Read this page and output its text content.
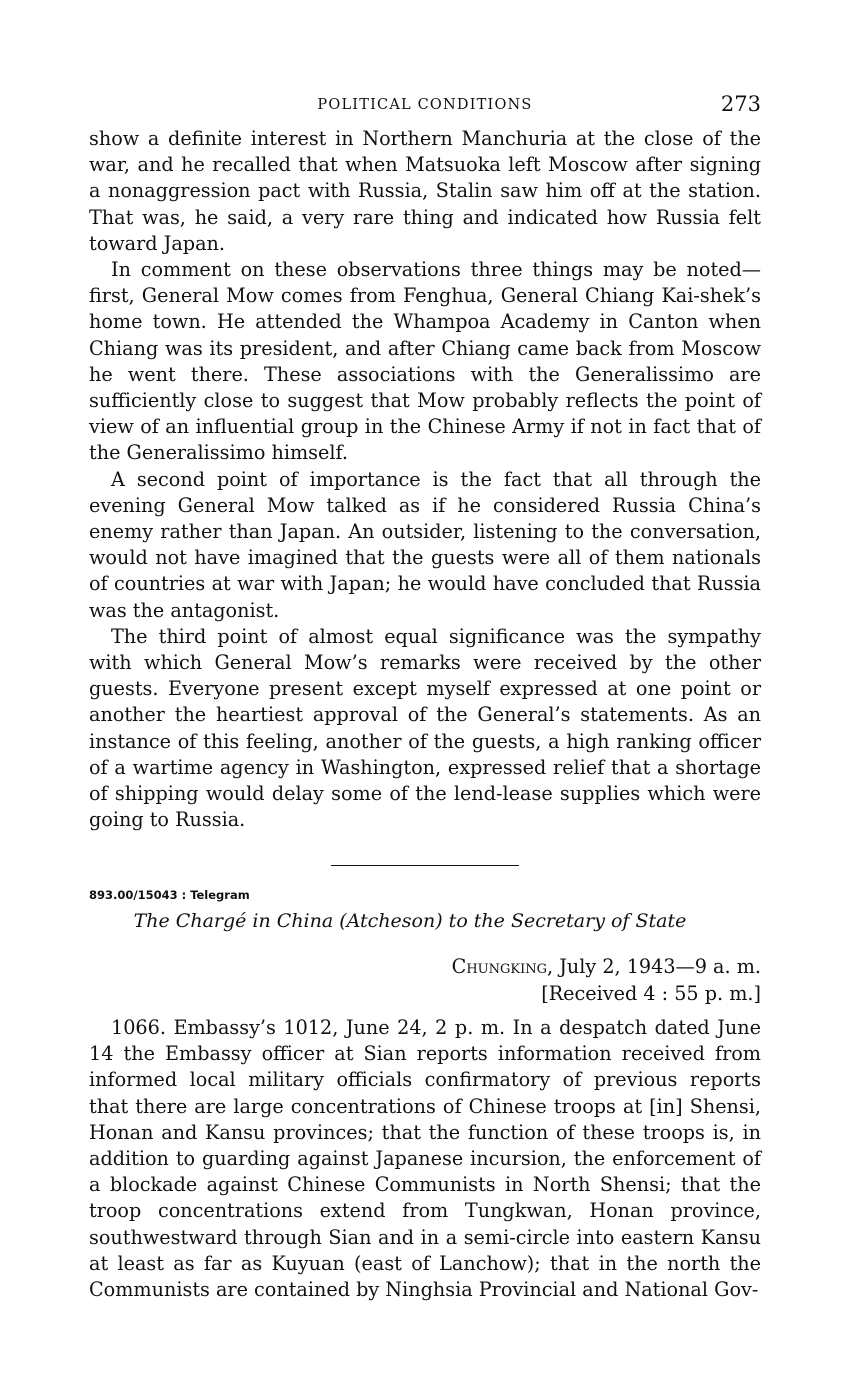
POLITICAL CONDITIONS	273

show a definite interest in Northern Manchuria at the close of the war, and he recalled that when Matsuoka left Moscow after signing a nonaggression pact with Russia, Stalin saw him off at the station. That was, he said, a very rare thing and indicated how Russia felt toward Japan.

In comment on these observations three things may be noted—first, General Mow comes from Fenghua, General Chiang Kai-shek’s home town. He attended the Whampoa Academy in Canton when Chiang was its president, and after Chiang came back from Moscow he went there. These associations with the Generalissimo are sufficiently close to suggest that Mow probably reflects the point of view of an influential group in the Chinese Army if not in fact that of the Generalissimo himself.

A second point of importance is the fact that all through the evening General Mow talked as if he considered Russia China’s enemy rather than Japan. An outsider, listening to the conversation, would not have imagined that the guests were all of them nationals of countries at war with Japan; he would have concluded that Russia was the antagonist.

The third point of almost equal significance was the sympathy with which General Mow’s remarks were received by the other guests. Everyone present except myself expressed at one point or another the heartiest approval of the General’s statements. As an instance of this feeling, another of the guests, a high ranking officer of a wartime agency in Washington, expressed relief that a shortage of shipping would delay some of the lend-lease supplies which were going to Russia.

893.00/15043 : Telegram
The Chargé in China (Atcheson) to the Secretary of State
Chungking, July 2, 1943—9 a. m.
[Received 4 : 55 p. m.]

1066. Embassy’s 1012, June 24, 2 p. m. In a despatch dated June 14 the Embassy officer at Sian reports information received from informed local military officials confirmatory of previous reports that there are large concentrations of Chinese troops at [in] Shensi, Honan and Kansu provinces; that the function of these troops is, in addition to guarding against Japanese incursion, the enforcement of a blockade against Chinese Communists in North Shensi; that the troop concentrations extend from Tungkwan, Honan province, southwestward through Sian and in a semi-circle into eastern Kansu at least as far as Kuyuan (east of Lanchow); that in the north the Communists are contained by Ninghsia Provincial and National Gov-
